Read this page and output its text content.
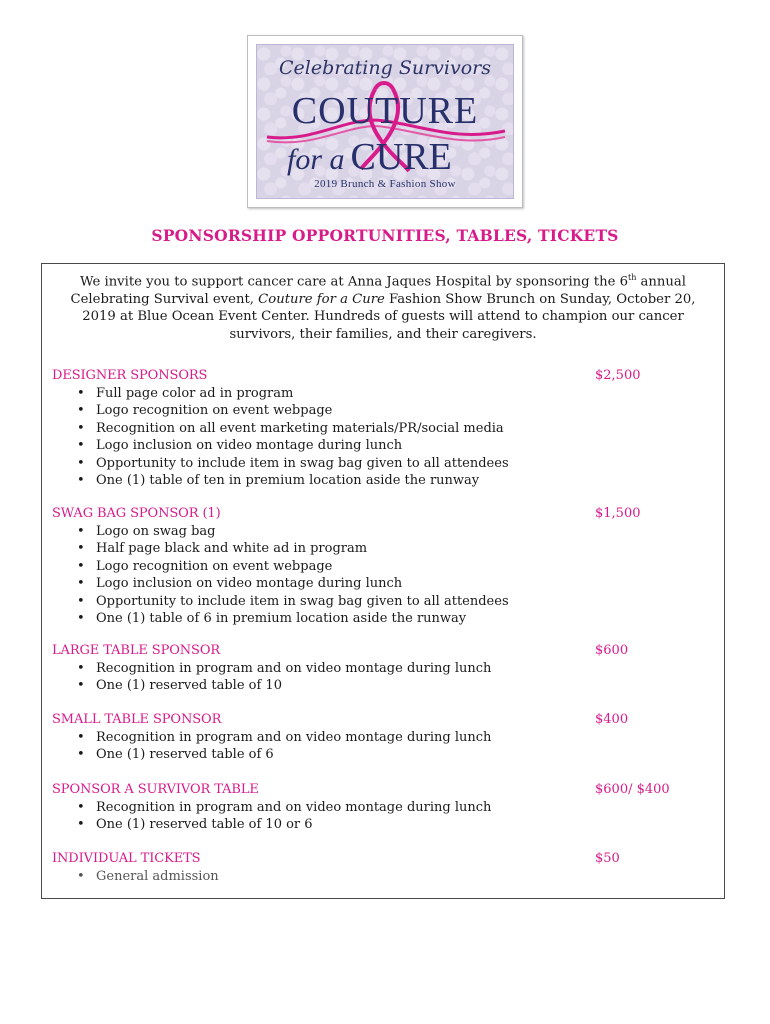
Celebrating Survivors
COUTURE
for a CURE
2019 Brunch & Fashion Show
SPONSORSHIP OPPORTUNITIES, TABLES, TICKETS
We invite you to support cancer care at Anna Jaques Hospital by sponsoring the 6th annual Celebrating Survival event, Couture for a Cure Fashion Show Brunch on Sunday, October 20, 2019 at Blue Ocean Event Center. Hundreds of guests will attend to champion our cancer survivors, their families, and their caregivers.
DESIGNER SPONSORS	$2,500
• Full page color ad in program
• Logo recognition on event webpage
• Recognition on all event marketing materials/PR/social media
• Logo inclusion on video montage during lunch
• Opportunity to include item in swag bag given to all attendees
• One (1) table of ten in premium location aside the runway
SWAG BAG SPONSOR (1)	$1,500
• Logo on swag bag
• Half page black and white ad in program
• Logo recognition on event webpage
• Logo inclusion on video montage during lunch
• Opportunity to include item in swag bag given to all attendees
• One (1) table of 6 in premium location aside the runway
LARGE TABLE SPONSOR	$600
• Recognition in program and on video montage during lunch
• One (1) reserved table of 10
SMALL TABLE SPONSOR	$400
• Recognition in program and on video montage during lunch
• One (1) reserved table of 6
SPONSOR A SURVIVOR TABLE	$600/ $400
• Recognition in program and on video montage during lunch
• One (1) reserved table of 10 or 6
INDIVIDUAL TICKETS	$50
• General admission
